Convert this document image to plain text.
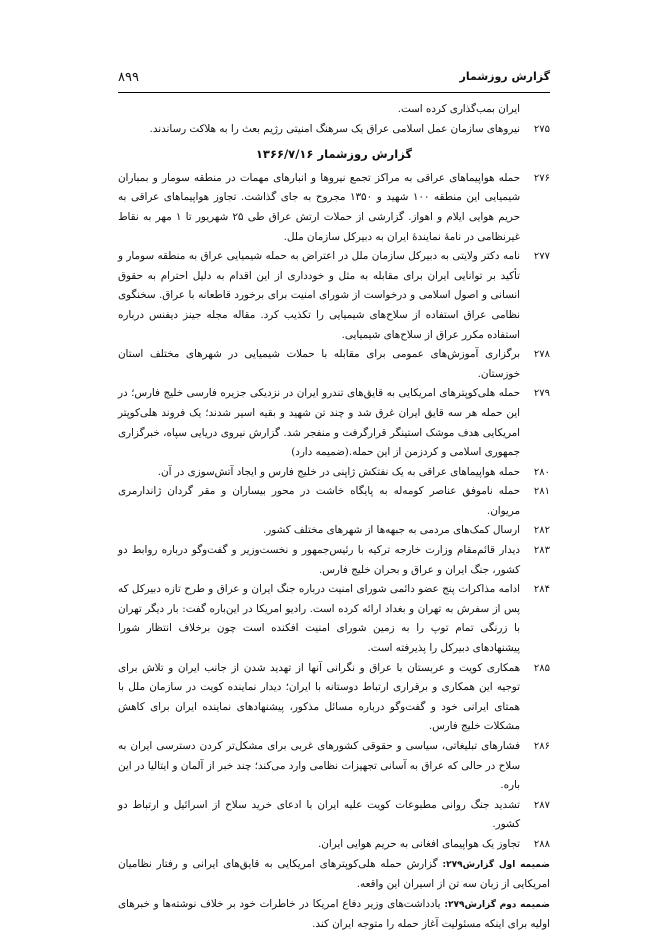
۸۹۹	گزارش روزشمار
ایران بمب‌گذاری کرده است.
۲۷۵
نیروهای سازمان عمل اسلامی عراق یک سرهنگ امنیتی رژیم بعث را به هلاکت رساندند.
گزارش روزشمار ۱۳۶۶/۷/۱۶
۲۷۶
حمله هواپیماهای عراقی به مراکز تجمع نیروها و انبارهای مهمات در منطقه سومار و بمباران شیمیایی این منطقه ۱۰۰ شهید و ۱۳۵۰ مجروح به جای گذاشت. تجاوز هواپیماهای عراقی به حریم هوایی ایلام و اهواز. گزارشی از حملات ارتش عراق طی ۲۵ شهریور تا ۱ مهر به نقاط غیرنظامی در نامهٔ نمایندهٔ ایران به دبیرکل سازمان ملل.
۲۷۷
نامه دکتر ولایتی به دبیرکل سازمان ملل در اعتراض به حمله شیمیایی عراق به منطقه سومار و تأکید بر توانایی ایران برای مقابله به مثل و خودداری از این اقدام به دلیل احترام به حقوق انسانی و اصول اسلامی و درخواست از شورای امنیت برای برخورد قاطعانه با عراق. سخنگوی نظامی عراق استفاده از سلاح‌های شیمیایی را تکذیب کرد. مقاله مجله جینز دیفنس درباره استفاده مکرر عراق از سلاح‌های شیمیایی.
۲۷۸
برگزاری آموزش‌های عمومی برای مقابله با حملات شیمیایی در شهرهای مختلف استان خوزستان.
۲۷۹
حمله هلی‌کوپترهای امریکایی به قایق‌های تندرو ایران در نزدیکی جزیره فارسی خلیج فارس؛ در این حمله هر سه قایق ایران غرق شد و چند تن شهید و بقیه اسیر شدند؛ یک فروند هلی‌کوپتر امریکایی هدف موشک استینگر قرارگرفت و منفجر شد. گزارش نیروی دریایی سپاه، خبرگزاری جمهوری اسلامی و کردزمن از این حمله.(ضمیمه دارد)
۲۸۰
حمله هواپیماهای عراقی به یک نفتکش ژاپنی در خلیج فارس و ایجاد آتش‌سوزی در آن.
۲۸۱
حمله ناموفق عناصر کومه‌له به پایگاه خاشت در محور بیساران و مقر گردان ژاندارمری مریوان.
۲۸۲
ارسال کمک‌های مردمی به جبهه‌ها از شهرهای مختلف کشور.
۲۸۳
دیدار قائم‌مقام وزارت خارجه ترکیه با رئیس‌جمهور و نخست‌وزیر و گفت‌وگو درباره روابط دو کشور، جنگ ایران و عراق و بحران خلیج فارس.
۲۸۴
ادامه مذاکرات پنج عضو دائمی شورای امنیت درباره جنگ ایران و عراق و طرح تازه دبیرکل که پس از سفرش به تهران و بغداد ارائه کرده است. رادیو امریکا در این‌باره گفت: بار دیگر تهران با زرنگی تمام توپ را به زمین شورای امنیت افکنده است چون برخلاف انتظار شورا پیشنهادهای دبیرکل را پذیرفته است.
۲۸۵
همکاری کویت و عربستان با عراق و نگرانی آنها از تهدید شدن از جانب ایران و تلاش برای توجیه این همکاری و برقراری ارتباط دوستانه با ایران؛ دیدار نماینده کویت در سازمان ملل با همتای ایرانی خود و گفت‌وگو درباره مسائل مذکور، پیشنهادهای نماینده ایران برای کاهش مشکلات خلیج فارس.
۲۸۶
فشارهای تبلیغاتی، سیاسی و حقوقی کشورهای غربی برای مشکل‌تر کردن دسترسی ایران به سلاح در حالی که عراق به آسانی تجهیزات نظامی وارد می‌کند؛ چند خبر از آلمان و ایتالیا در این باره.
۲۸۷
تشدید جنگ روانی مطبوعات کویت علیه ایران با ادعای خرید سلاح از اسرائیل و ارتباط دو کشور.
۲۸۸
تجاوز یک هواپیمای افغانی به حریم هوایی ایران.
ضمیمه اول گزارش۲۷۹: گزارش حمله هلی‌کوپترهای امریکایی به قایق‌های ایرانی و رفتار نظامیان امریکایی از زبان سه تن از اسیران این واقعه.
ضمیمه دوم گزارش۲۷۹: یادداشت‌های وزیر دفاع امریکا در خاطرات خود بر خلاف نوشته‌ها و خبرهای اولیه برای اینکه مسئولیت آغاز حمله را متوجه ایران کند.
